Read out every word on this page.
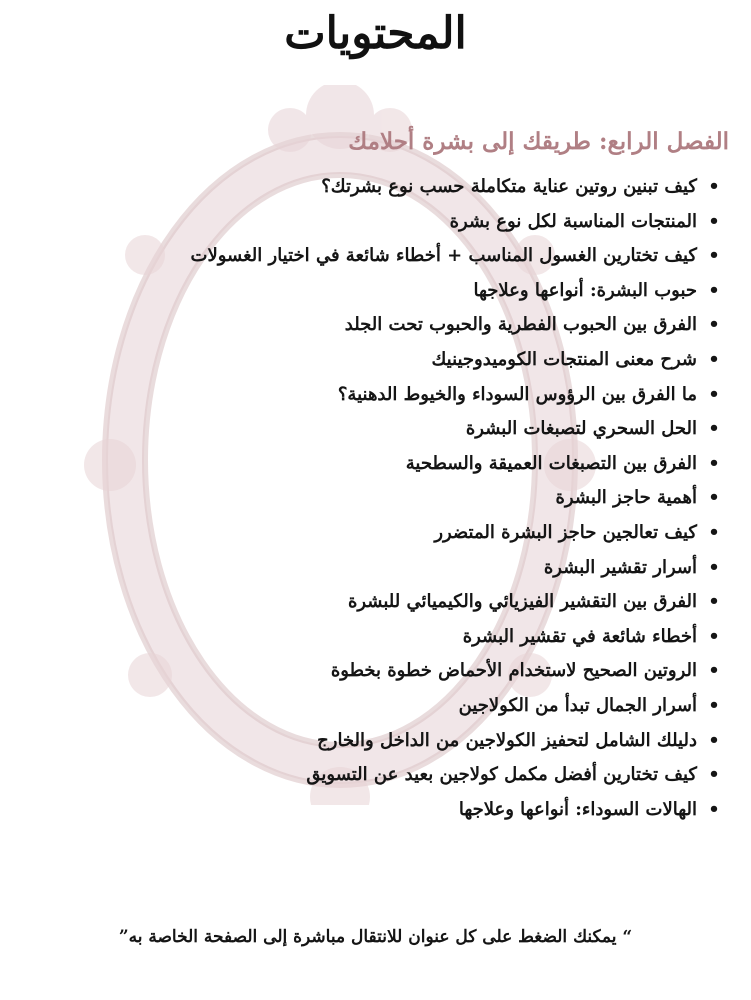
المحتويات
الفصل الرابع: طريقك إلى بشرة أحلامك
•كيف تبنين روتين عناية متكاملة حسب نوع بشرتك؟
•المنتجات المناسبة لكل نوع بشرة
•كيف تختارين الغسول المناسب + أخطاء شائعة في اختيار الغسولات
•حبوب البشرة: أنواعها وعلاجها
•الفرق بين الحبوب الفطرية والحبوب تحت الجلد
•شرح معنى المنتجات الكوميدوجينيك
•ما الفرق بين الرؤوس السوداء والخيوط الدهنية؟
•الحل السحري لتصبغات البشرة
•الفرق بين التصبغات العميقة والسطحية
•أهمية حاجز البشرة
•كيف تعالجين حاجز البشرة المتضرر
•أسرار تقشير البشرة
•الفرق بين التقشير الفيزيائي والكيميائي للبشرة
•أخطاء شائعة في تقشير البشرة
•الروتين الصحيح لاستخدام الأحماض خطوة بخطوة
•أسرار الجمال تبدأ من الكولاجين
•دليلك الشامل لتحفيز الكولاجين من الداخل والخارج
•كيف تختارين أفضل مكمل كولاجين بعيد عن التسويق
•الهالات السوداء: أنواعها وعلاجها

“ يمكنك الضغط على كل عنوان للانتقال مباشرة إلى الصفحة الخاصة به”
